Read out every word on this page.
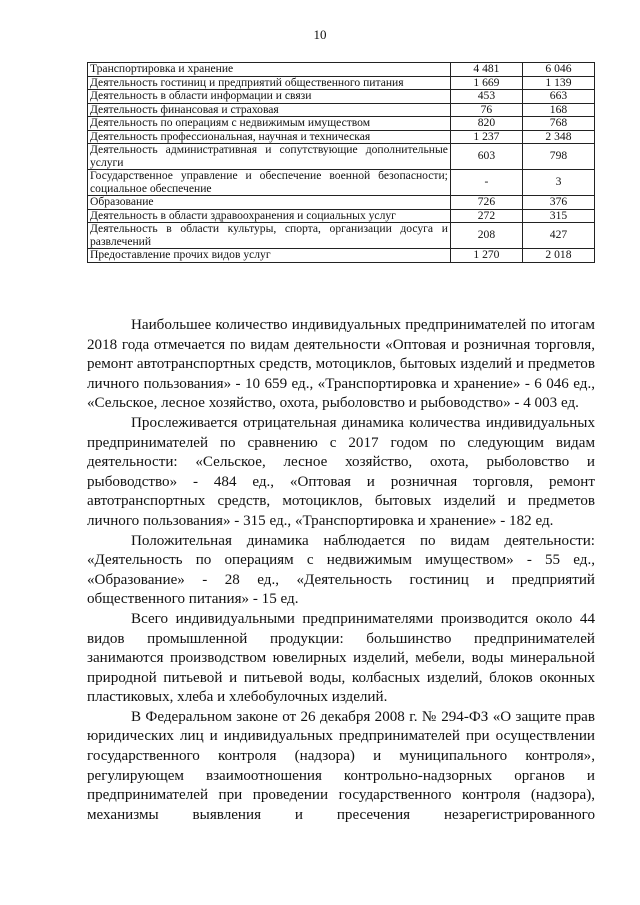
10
Транспортировка и хранение	4 481	6 046
Деятельность гостиниц и предприятий общественного питания	1 669	1 139
Деятельность в области информации и связи	453	663
Деятельность финансовая и страховая	76	168
Деятельность по операциям с недвижимым имуществом	820	768
Деятельность профессиональная, научная и техническая	1 237	2 348
Деятельность административная и сопутствующие дополнительные услуги	603	798
Государственное управление и обеспечение военной безопасности; социальное обеспечение	-	3
Образование	726	376
Деятельность в области здравоохранения и социальных услуг	272	315
Деятельность в области культуры, спорта, организации досуга и развлечений	208	427
Предоставление прочих видов услуг	1 270	2 018

Наибольшее количество индивидуальных предпринимателей по итогам 2018 года отмечается по видам деятельности «Оптовая и розничная торговля, ремонт автотранспортных средств, мотоциклов, бытовых изделий и предметов личного пользования» - 10 659 ед., «Транспортировка и хранение» - 6 046 ед., «Сельское, лесное хозяйство, охота, рыболовство и рыбоводство» - 4 003 ед.

Прослеживается отрицательная динамика количества индивидуальных предпринимателей по сравнению с 2017 годом по следующим видам деятельности: «Сельское, лесное хозяйство, охота, рыболовство и рыбоводство» - 484 ед., «Оптовая и розничная торговля, ремонт автотранспортных средств, мотоциклов, бытовых изделий и предметов личного пользования» - 315 ед., «Транспортировка и хранение» - 182 ед.

Положительная динамика наблюдается по видам деятельности: «Деятельность по операциям с недвижимым имуществом» - 55 ед., «Образование» - 28 ед., «Деятельность гостиниц и предприятий общественного питания» - 15 ед.

Всего индивидуальными предпринимателями производится около 44 видов промышленной продукции: большинство предпринимателей занимаются производством ювелирных изделий, мебели, воды минеральной природной питьевой и питьевой воды, колбасных изделий, блоков оконных пластиковых, хлеба и хлебобулочных изделий.

В Федеральном законе от 26 декабря 2008 г. № 294-ФЗ «О защите прав юридических лиц и индивидуальных предпринимателей при осуществлении государственного контроля (надзора) и муниципального контроля», регулирующем взаимоотношения контрольно-надзорных органов и предпринимателей при проведении государственного контроля (надзора), механизмы выявления и пресечения незарегистрированного
